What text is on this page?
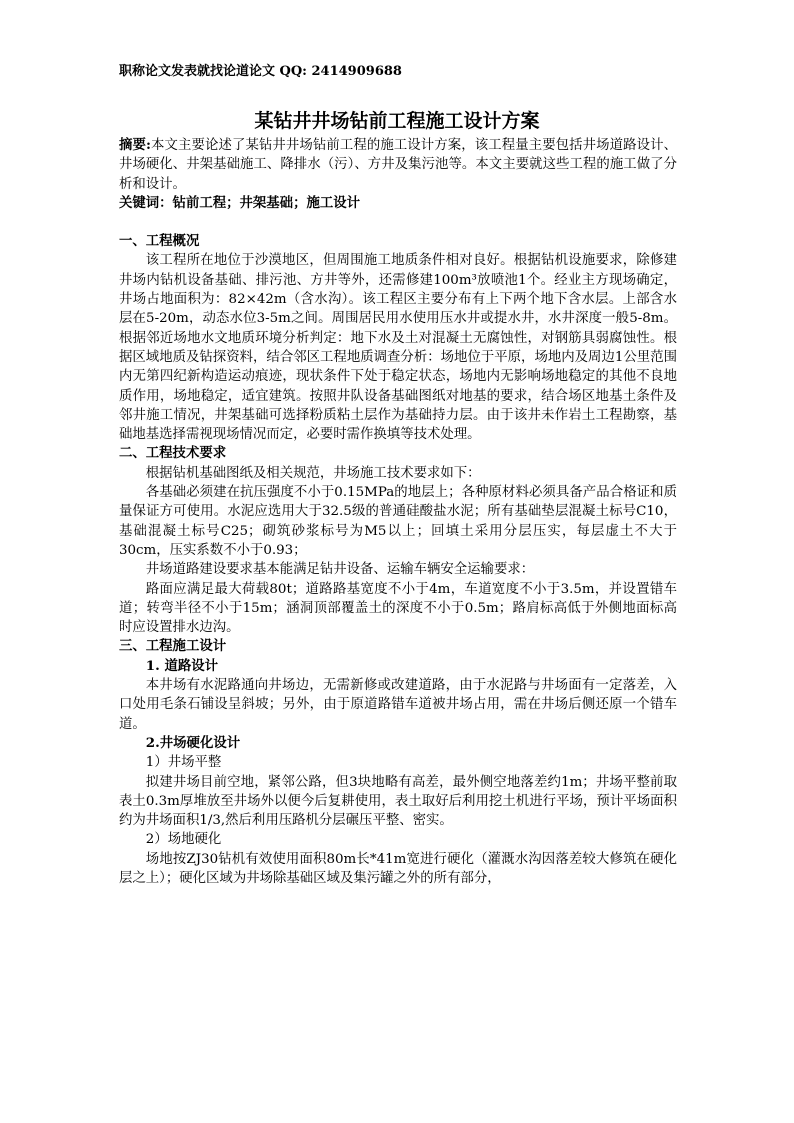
职称论文发表就找论道论文 QQ: 2414909688
某钻井井场钻前工程施工设计方案

摘要:本文主要论述了某钻井井场钻前工程的施工设计方案，该工程量主要包括井场道路设计、井场硬化、井架基础施工、降排水（污）、方井及集污池等。本文主要就这些工程的施工做了分析和设计。

关键词：钻前工程；井架基础；施工设计

一、工程概况

该工程所在地位于沙漠地区，但周围施工地质条件相对良好。根据钻机设施要求，除修建井场内钻机设备基础、排污池、方井等外，还需修建100m³放喷池1个。经业主方现场确定，井场占地面积为：82×42m（含水沟）。该工程区主要分布有上下两个地下含水层。上部含水层在5-20m，动态水位3-5m之间。周围居民用水使用压水井或提水井，水井深度一般5-8m。根据邻近场地水文地质环境分析判定：地下水及土对混凝土无腐蚀性，对钢筋具弱腐蚀性。根据区域地质及钻探资料，结合邻区工程地质调查分析：场地位于平原，场地内及周边1公里范围内无第四纪新构造运动痕迹，现状条件下处于稳定状态，场地内无影响场地稳定的其他不良地质作用，场地稳定，适宜建筑。按照井队设备基础图纸对地基的要求，结合场区地基土条件及邻井施工情况，井架基础可选择粉质粘土层作为基础持力层。由于该井未作岩土工程勘察，基础地基选择需视现场情况而定，必要时需作换填等技术处理。

二、工程技术要求

根据钻机基础图纸及相关规范，井场施工技术要求如下：

各基础必须建在抗压强度不小于0.15MPa的地层上；各种原材料必须具备产品合格证和质量保证方可使用。水泥应选用大于32.5级的普通硅酸盐水泥；所有基础垫层混凝土标号C10，基础混凝土标号C25；砌筑砂浆标号为M5以上；回填土采用分层压实，每层虚土不大于30cm，压实系数不小于0.93；

井场道路建设要求基本能满足钻井设备、运输车辆安全运输要求：

路面应满足最大荷载80t；道路路基宽度不小于4m，车道宽度不小于3.5m，并设置错车道；转弯半径不小于15m；涵洞顶部覆盖土的深度不小于0.5m；路肩标高低于外侧地面标高时应设置排水边沟。

三、工程施工设计

1. 道路设计

本井场有水泥路通向井场边，无需新修或改建道路，由于水泥路与井场面有一定落差，入口处用毛条石铺设呈斜坡；另外，由于原道路错车道被井场占用，需在井场后侧还原一个错车道。

2.井场硬化设计

1）井场平整

拟建井场目前空地，紧邻公路，但3块地略有高差，最外侧空地落差约1m；井场平整前取表土0.3m厚堆放至井场外以便今后复耕使用，表土取好后利用挖土机进行平场，预计平场面积约为井场面积1/3,然后利用压路机分层碾压平整、密实。

2）场地硬化

场地按ZJ30钻机有效使用面积80m长*41m宽进行硬化（灌溉水沟因落差较大修筑在硬化层之上）；硬化区域为井场除基础区域及集污罐之外的所有部分，
